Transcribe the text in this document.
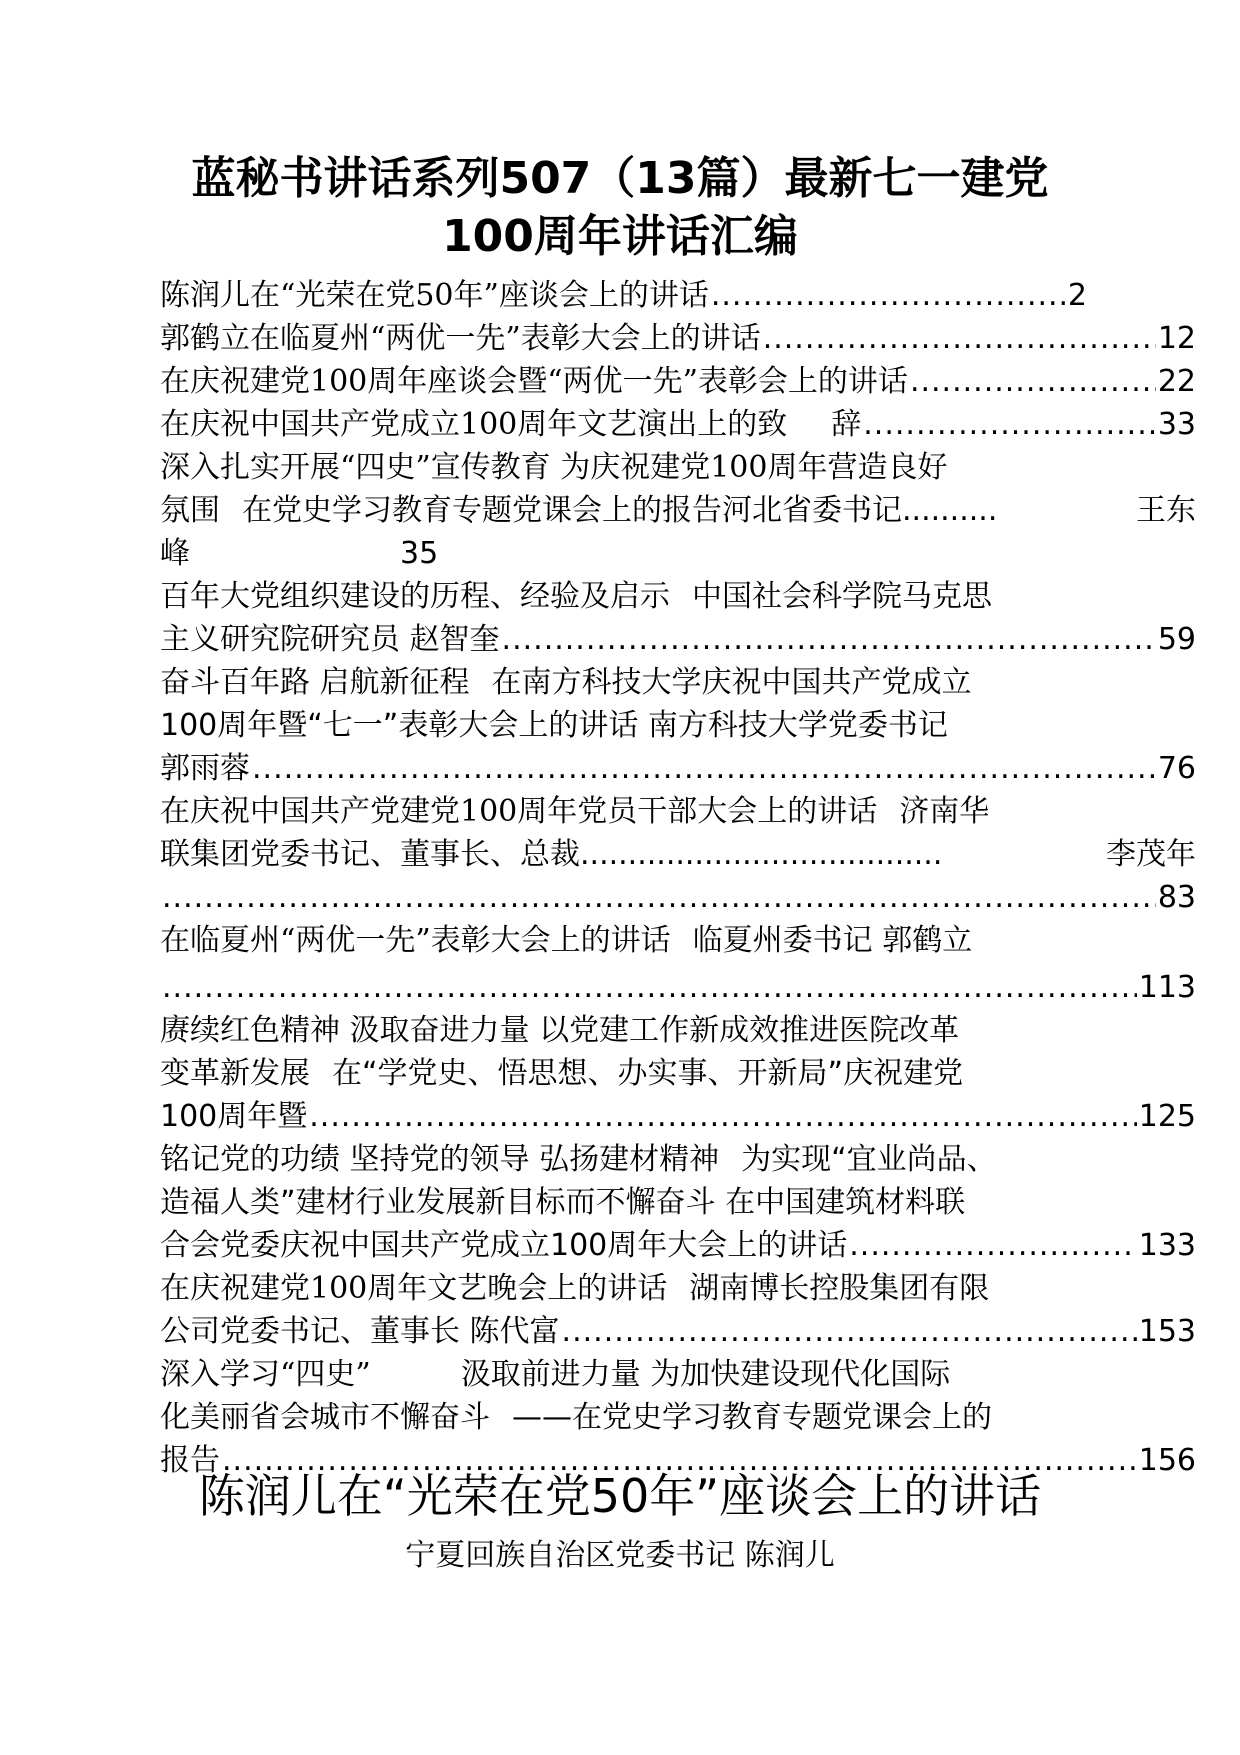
蓝秘书讲话系列507（13篇）最新七一建党
100周年讲话汇编
陈润儿在“光荣在党50年”座谈会上的讲话 .....	2
郭鹤立在临夏州“两优一先”表彰大会上的讲话 .....	12
在庆祝建党100周年座谈会暨“两优一先”表彰会上的讲话 .....	22
在庆祝中国共产党成立100周年文艺演出上的致 辞 .....	33
深入扎实开展“四史”宣传教育 为庆祝建党100周年营造良好
氛围 在党史学习教育专题党课会上的报告河北省委书记 ..........	王东
峰	35
百年大党组织建设的历程、经验及启示 中国社会科学院马克思
主义研究院研究员 赵智奎 .....	59
奋斗百年路 启航新征程 在南方科技大学庆祝中国共产党成立
100周年暨“七一”表彰大会上的讲话 南方科技大学党委书记
郭雨蓉 .....	76
在庆祝中国共产党建党100周年党员干部大会上的讲话 济南华
联集团党委书记、董事长、总裁 ......................................	李茂年
.....
83
在临夏州“两优一先”表彰大会上的讲话 临夏州委书记 郭鹤立
.....
113
赓续红色精神 汲取奋进力量 以党建工作新成效推进医院改革
变革新发展 在“学党史、悟思想、办实事、开新局”庆祝建党
100周年暨 .....	125
铭记党的功绩 坚持党的领导 弘扬建材精神 为实现“宜业尚品、
造福人类”建材行业发展新目标而不懈奋斗 在中国建筑材料联
合会党委庆祝中国共产党成立100周年大会上的讲话 .....	133
在庆祝建党100周年文艺晚会上的讲话 湖南博长控股集团有限
公司党委书记、董事长 陈代富 .....	153
深入学习“四史”	汲取前进力量 为加快建设现代化国际
化美丽省会城市不懈奋斗 ——在党史学习教育专题党课会上的
报告 .....	156
陈润儿在“光荣在党50年”座谈会上的讲话
宁夏回族自治区党委书记 陈润儿
